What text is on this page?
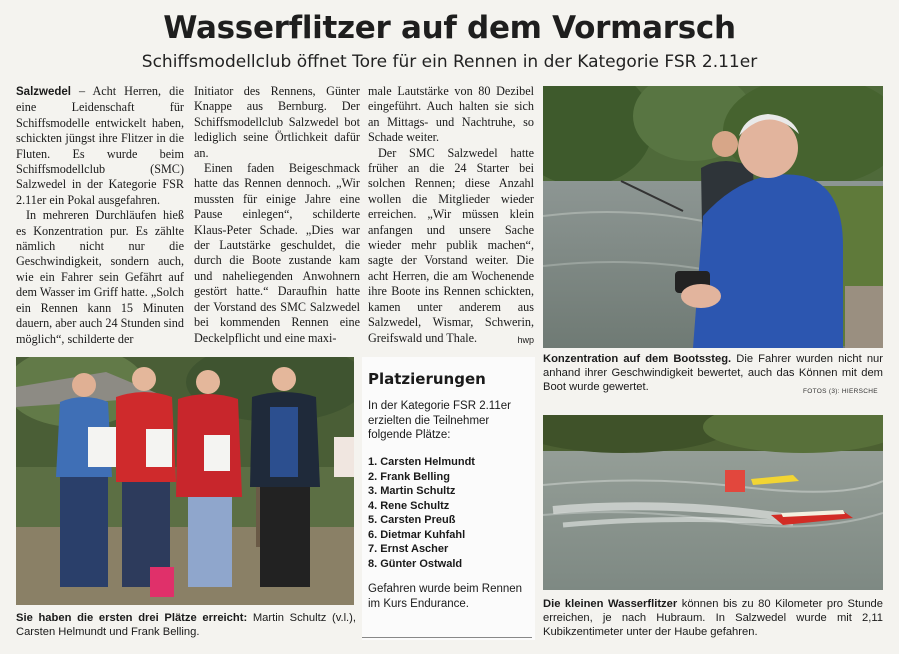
Wasserflitzer auf dem Vormarsch
Schiffsmodellclub öffnet Tore für ein Rennen in der Kategorie FSR 2.11er

Salzwedel – Acht Herren, die eine Leidenschaft für Schiffsmodelle entwickelt haben, schickten jüngst ihre Flitzer in die Fluten. Es wurde beim Schiffsmodellclub (SMC) Salzwedel in der Kategorie FSR 2.11er ein Pokal ausgefahren.

In mehreren Durchläufen hieß es Konzentration pur. Es zählte nämlich nicht nur die Geschwindigkeit, sondern auch, wie ein Fahrer sein Gefährt auf dem Wasser im Griff hatte. „Solch ein Rennen kann 15 Minuten dauern, aber auch 24 Stunden sind möglich“, schilderte der

Initiator des Rennens, Günter Knappe aus Bernburg. Der Schiffsmodellclub Salzwedel bot lediglich seine Örtlichkeit dafür an.

Einen faden Beigeschmack hatte das Rennen dennoch. „Wir mussten für einige Jahre eine Pause einlegen“, schilderte Klaus-Peter Schade. „Dies war der Lautstärke geschuldet, die durch die Boote zustande kam und naheliegenden Anwohnern gestört hatte.“ Daraufhin hatte der Vorstand des SMC Salzwedel bei kommenden Rennen eine Deckelpflicht und eine maxi-

male Lautstärke von 80 Dezibel eingeführt. Auch halten sie sich an Mittags- und Nachtruhe, so Schade weiter.

Der SMC Salzwedel hatte früher an die 24 Starter bei solchen Rennen; diese Anzahl wollen die Mitglieder wieder erreichen. „Wir müssen klein anfangen und unsere Sache wieder mehr publik machen“, sagte der Vorstand weiter. Die acht Herren, die am Wochenende ihre Boote ins Rennen schickten, kamen unter anderem aus Salzwedel, Wismar, Schwerin, Greifswald und Thale.	hwp

Konzentration auf dem Bootssteg. Die Fahrer wurden nicht nur anhand ihrer Geschwindigkeit bewertet, auch das Können mit dem Boot wurde gewertet.	FOTOS (3): HIERSCHE
Sie haben die ersten drei Plätze erreicht: Martin Schultz (v.l.), Carsten Helmundt und Frank Belling.
Platzierungen
In der Kategorie FSR 2.11er erzielten die Teilnehmer folgende Plätze:
1. Carsten Helmundt
2. Frank Belling
3. Martin Schultz
4. Rene Schultz
5. Carsten Preuß
6. Dietmar Kuhfahl
7. Ernst Ascher
8. Günter Ostwald
Gefahren wurde beim Rennen im Kurs Endurance.	Die kleinen Wasserflitzer können bis zu 80 Kilometer pro Stunde erreichen, je nach Hubraum. In Salzwedel wurde mit 2,11 Kubikzentimeter unter der Haube gefahren.
